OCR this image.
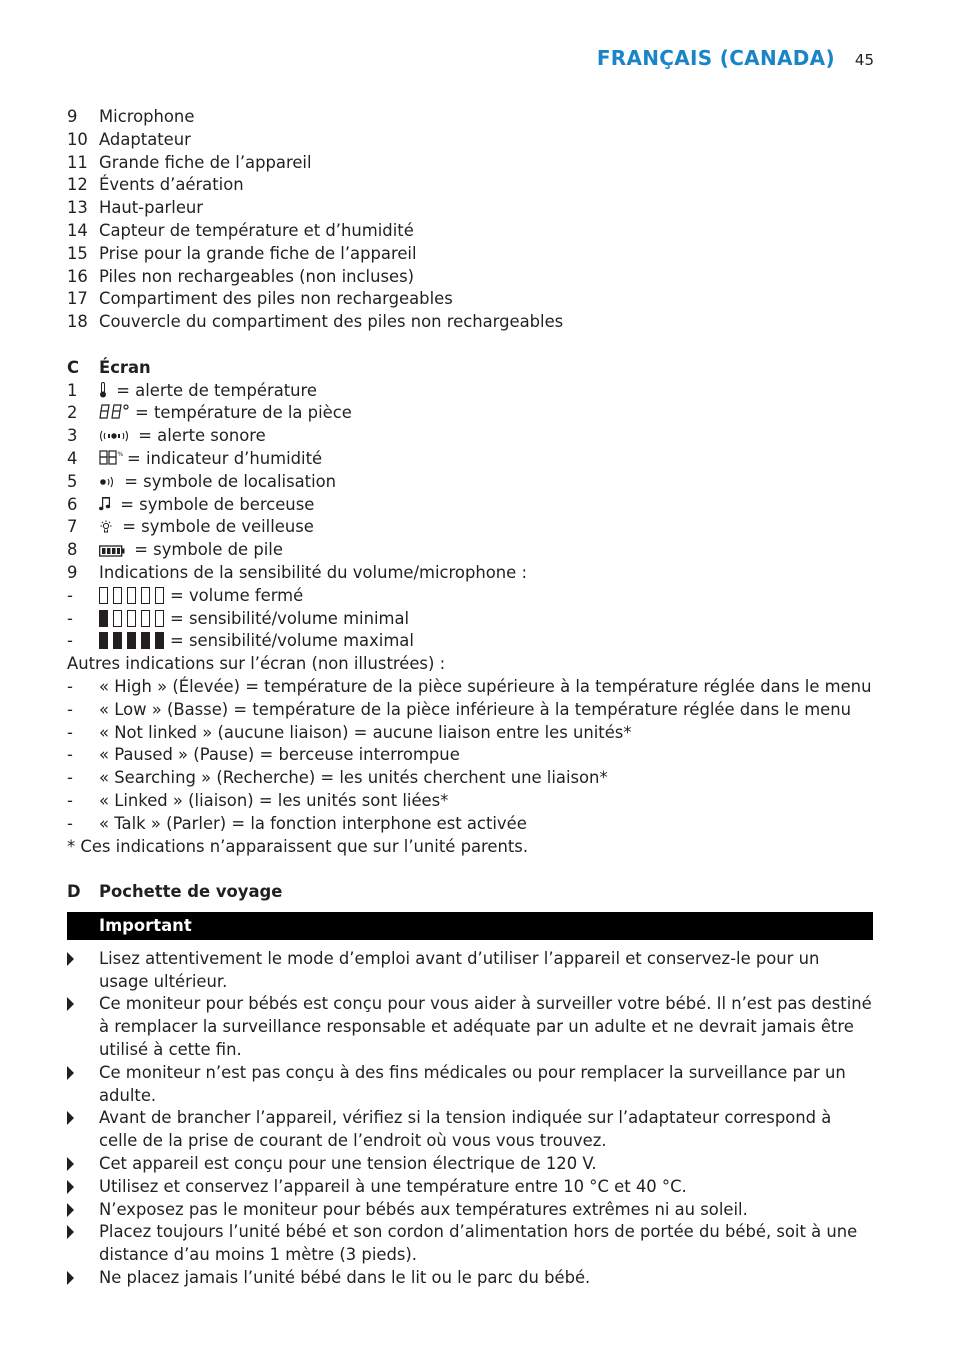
FRANÇAIS (CANADA) 45
9	Microphone
10 Adaptateur
11 Grande fiche de l’appareil
12 Évents d’aération
13 Haut-parleur
14 Capteur de température et d’humidité
15 Prise pour la grande fiche de l’appareil
16 Piles non rechargeables (non incluses)
17 Compartiment des piles non rechargeables
18 Couvercle du compartiment des piles non rechargeables
C	Écran
1	= alerte de température
2	= température de la pièce
3	= alerte sonore
4	% = indicateur d’humidité
5	= symbole de localisation
6	= symbole de berceuse
7	= symbole de veilleuse
8	= symbole de pile
9	Indications de la sensibilité du volume/microphone :
-	= volume fermé
-	= sensibilité/volume minimal
-	= sensibilité/volume maximal
Autres indications sur l’écran (non illustrées) :
-	« High » (Élevée) = température de la pièce supérieure à la température réglée dans le menu
-	« Low » (Basse) = température de la pièce inférieure à la température réglée dans le menu
-	« Not linked » (aucune liaison) = aucune liaison entre les unités*
-	« Paused » (Pause) = berceuse interrompue
-	« Searching » (Recherche) = les unités cherchent une liaison*
-	« Linked » (liaison) = les unités sont liées*
-	« Talk » (Parler) = la fonction interphone est activée
* Ces indications n’apparaissent que sur l’unité parents.
D	Pochette de voyage
Important
Lisez attentivement le mode d’emploi avant d’utiliser l’appareil et conservez-le pour un usage ultérieur.
Ce moniteur pour bébés est conçu pour vous aider à surveiller votre bébé. Il n’est pas destiné à remplacer la surveillance responsable et adéquate par un adulte et ne devrait jamais être utilisé à cette fin.
Ce moniteur n’est pas conçu à des fins médicales ou pour remplacer la surveillance par un adulte.
Avant de brancher l’appareil, vérifiez si la tension indiquée sur l’adaptateur correspond à celle de la prise de courant de l’endroit où vous vous trouvez.
Cet appareil est conçu pour une tension électrique de 120 V.
Utilisez et conservez l’appareil à une température entre 10 °C et 40 °C.
N’exposez pas le moniteur pour bébés aux températures extrêmes ni au soleil.
Placez toujours l’unité bébé et son cordon d’alimentation hors de portée du bébé, soit à une distance d’au moins 1 mètre (3 pieds).
Ne placez jamais l’unité bébé dans le lit ou le parc du bébé.
